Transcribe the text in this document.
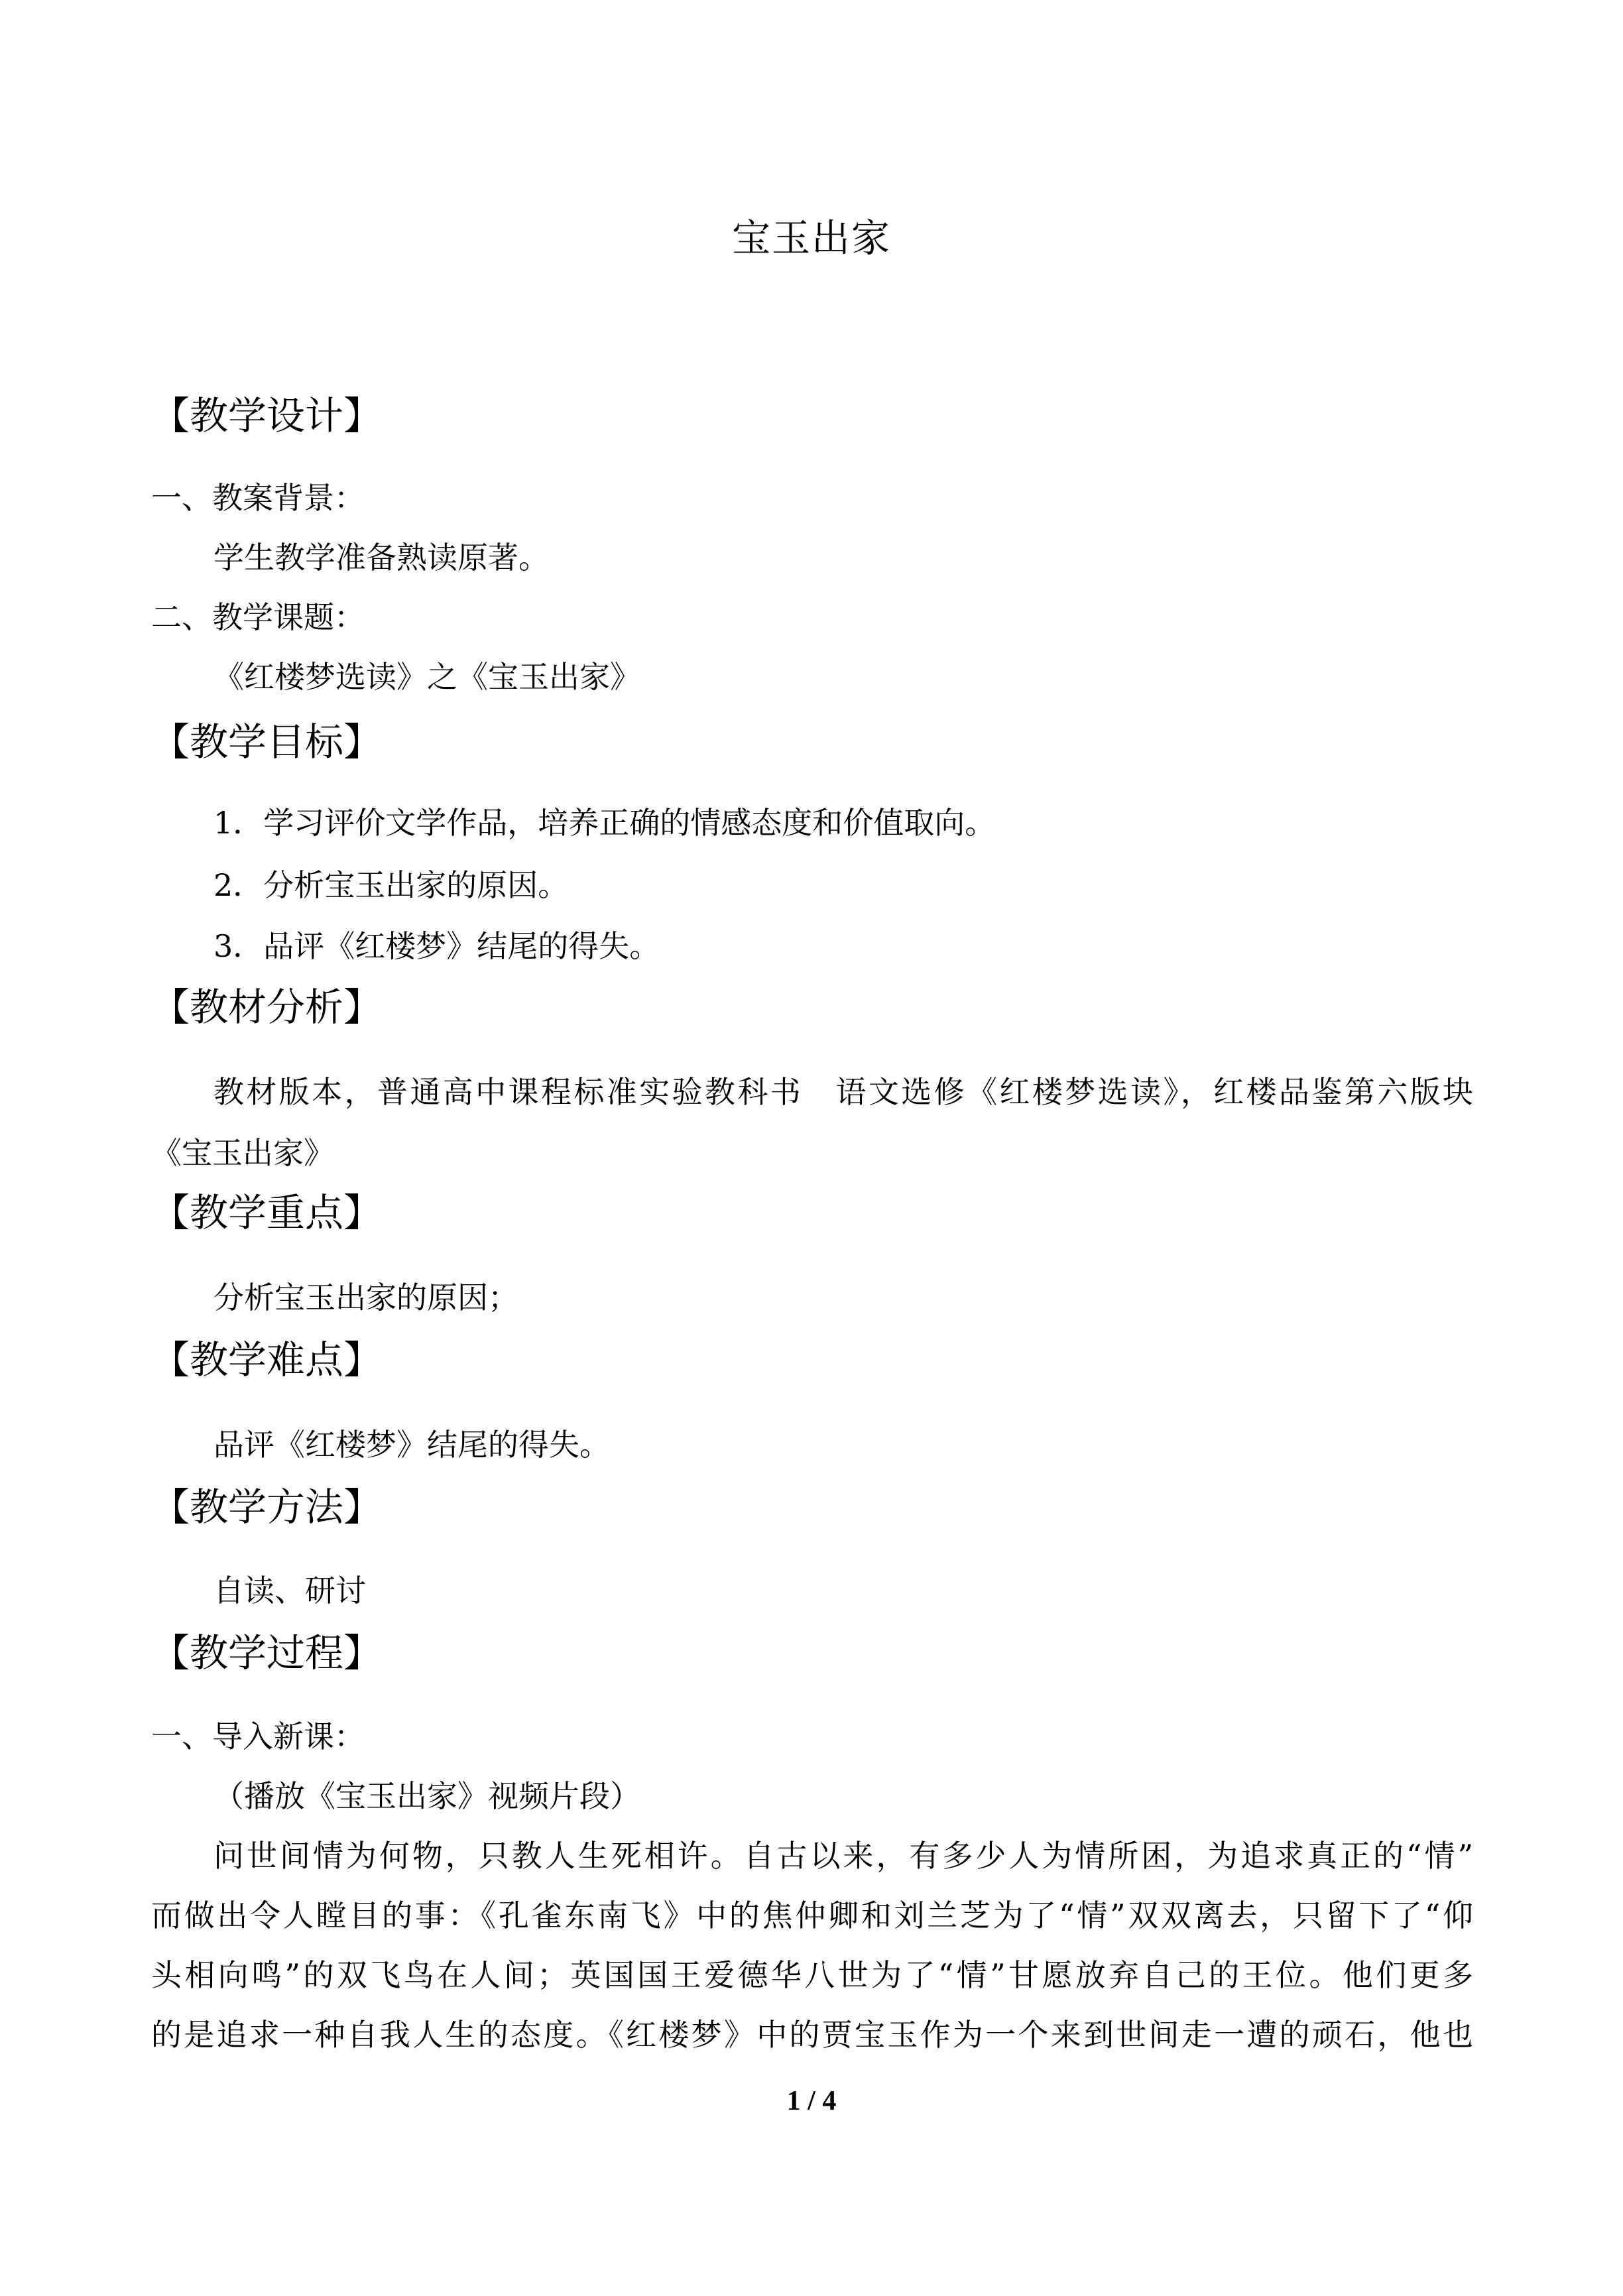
宝玉出家
【教学设计】
一、教案背景：
学生教学准备熟读原著。
二、教学课题：
《红楼梦选读》之《宝玉出家》
【教学目标】
1．学习评价文学作品，培养正确的情感态度和价值取向。
2．分析宝玉出家的原因。
3．品评《红楼梦》结尾的得失。
【教材分析】
教材版本，普通高中课程标准实验教科书　语文选修《红楼梦选读》，红楼品鉴第六版块
《宝玉出家》
【教学重点】
分析宝玉出家的原因；
【教学难点】
品评《红楼梦》结尾的得失。
【教学方法】
自读、研讨
【教学过程】
一、导入新课：
（播放《宝玉出家》视频片段）
问世间情为何物，只教人生死相许。自古以来，有多少人为情所困，为追求真正的“情”
而做出令人瞠目的事：《孔雀东南飞》中的焦仲卿和刘兰芝为了“情”双双离去，只留下了“仰
头相向鸣”的双飞鸟在人间；英国国王爱德华八世为了“情”甘愿放弃自己的王位。他们更多
的是追求一种自我人生的态度。《红楼梦》中的贾宝玉作为一个来到世间走一遭的顽石，他也
1 / 4
